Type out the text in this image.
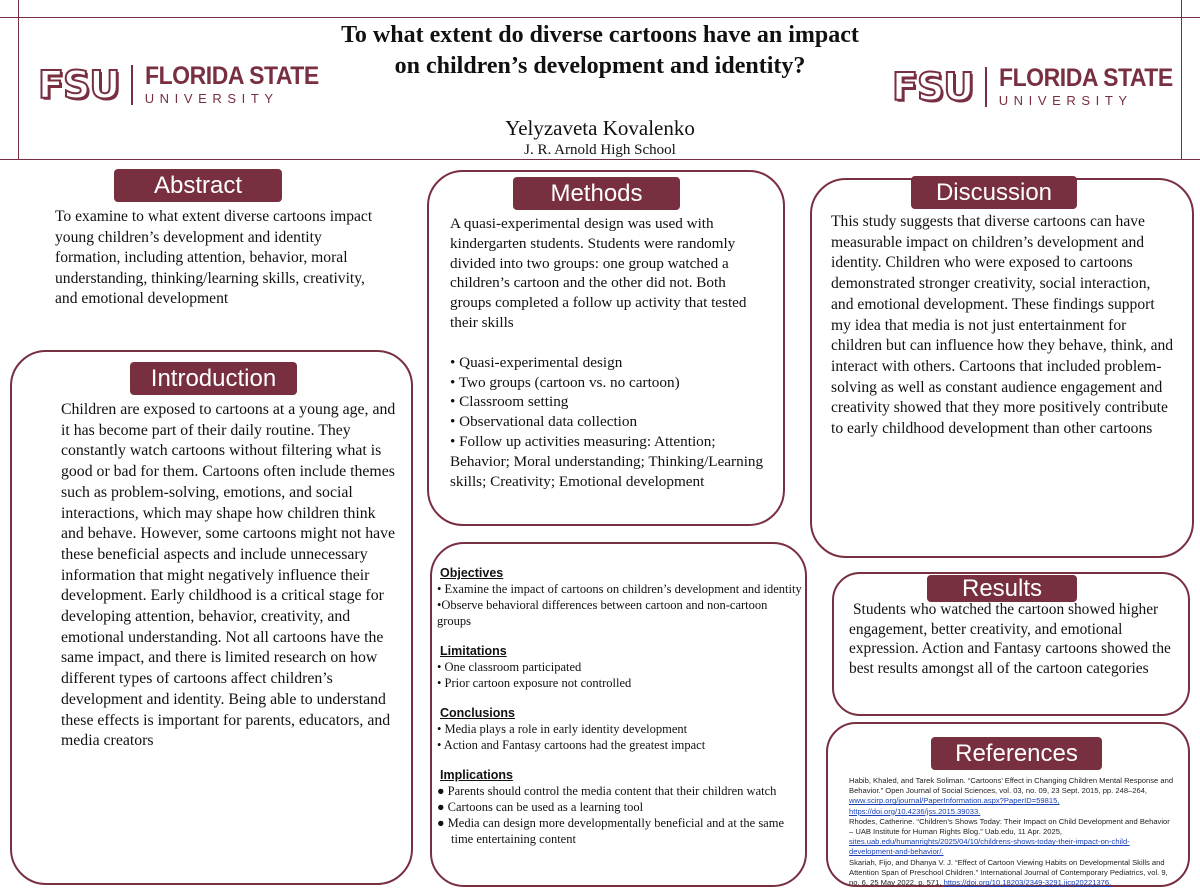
FSU FLORIDA STATE
UNIVERSITY	FSU FLORIDA STATE
UNIVERSITY
To what extent do diverse cartoons have an impact on children’s development and identity?
Yelyzaveta Kovalenko
J. R. Arnold High School
Abstract
To examine to what extent diverse cartoons impact young children’s development and identity formation, including attention, behavior, moral understanding, thinking/learning skills, creativity, and emotional development
Introduction
Children are exposed to cartoons at a young age, and it has become part of their daily routine. They constantly watch cartoons without filtering what is good or bad for them. Cartoons often include themes such as problem-solving, emotions, and social interactions, which may shape how children think and behave. However, some cartoons might not have these beneficial aspects and include unnecessary information that might negatively influence their development. Early childhood is a critical stage for developing attention, behavior, creativity, and emotional understanding. Not all cartoons have the same impact, and there is limited research on how different types of cartoons affect children’s development and identity. Being able to understand these effects is important for parents, educators, and media creators
Methods

A quasi-experimental design was used with kindergarten students. Students were randomly divided into two groups: one group watched a children’s cartoon and the other did not. Both groups completed a follow up activity that tested their skills

• Quasi-experimental design
• Two groups (cartoon vs. no cartoon)
• Classroom setting
• Observational data collection
• Follow up activities measuring: Attention; Behavior; Moral understanding; Thinking/Learning skills; Creativity; Emotional development
Objectives
• Examine the impact of cartoons on children’s development and identity
•Observe behavioral differences between cartoon and non-cartoon groups
Limitations
• One classroom participated
• Prior cartoon exposure not controlled
Conclusions
• Media plays a role in early identity development
• Action and Fantasy cartoons had the greatest impact
Implications
● Parents should control the media content that their children watch
● Cartoons can be used as a learning tool
● Media can design more developmentally beneficial and at the same time entertaining content
Discussion
This study suggests that diverse cartoons can have measurable impact on children’s development and identity. Children who were exposed to cartoons demonstrated stronger creativity, social interaction, and emotional development. These findings support my idea that media is not just entertainment for children but can influence how they behave, think, and interact with others. Cartoons that included problem- solving as well as constant audience engagement and creativity showed that they more positively contribute to early childhood development than other cartoons
Results
Students who watched the cartoon showed higher engagement, better creativity, and emotional expression. Action and Fantasy cartoons showed the best results amongst all of the cartoon categories
References
Habib, Khaled, and Tarek Soliman. “Cartoons’ Effect in Changing Children Mental Response and Behavior.” Open Journal of Social Sciences, vol. 03, no. 09, 23 Sept. 2015, pp. 248–264, www.scirp.org/journal/PaperInformation.aspx?PaperID=59815, https://doi.org/10.4236/jss.2015.39033.
Rhodes, Catherine. “Children’s Shows Today: Their Impact on Child Development and Behavior – UAB Institute for Human Rights Blog.” Uab.edu, 11 Apr. 2025, sites.uab.edu/humanrights/2025/04/10/childrens-shows-today-their-impact-on-child-development-and-behavior/.
Skariah, Fijo, and Dhanya V. J. “Effect of Cartoon Viewing Habits on Developmental Skills and Attention Span of Preschool Children.” International Journal of Contemporary Pediatrics, vol. 9, no. 6, 25 May 2022, p. 571, https://doi.org/10.18203/2349-3291.ijcp20221376.
